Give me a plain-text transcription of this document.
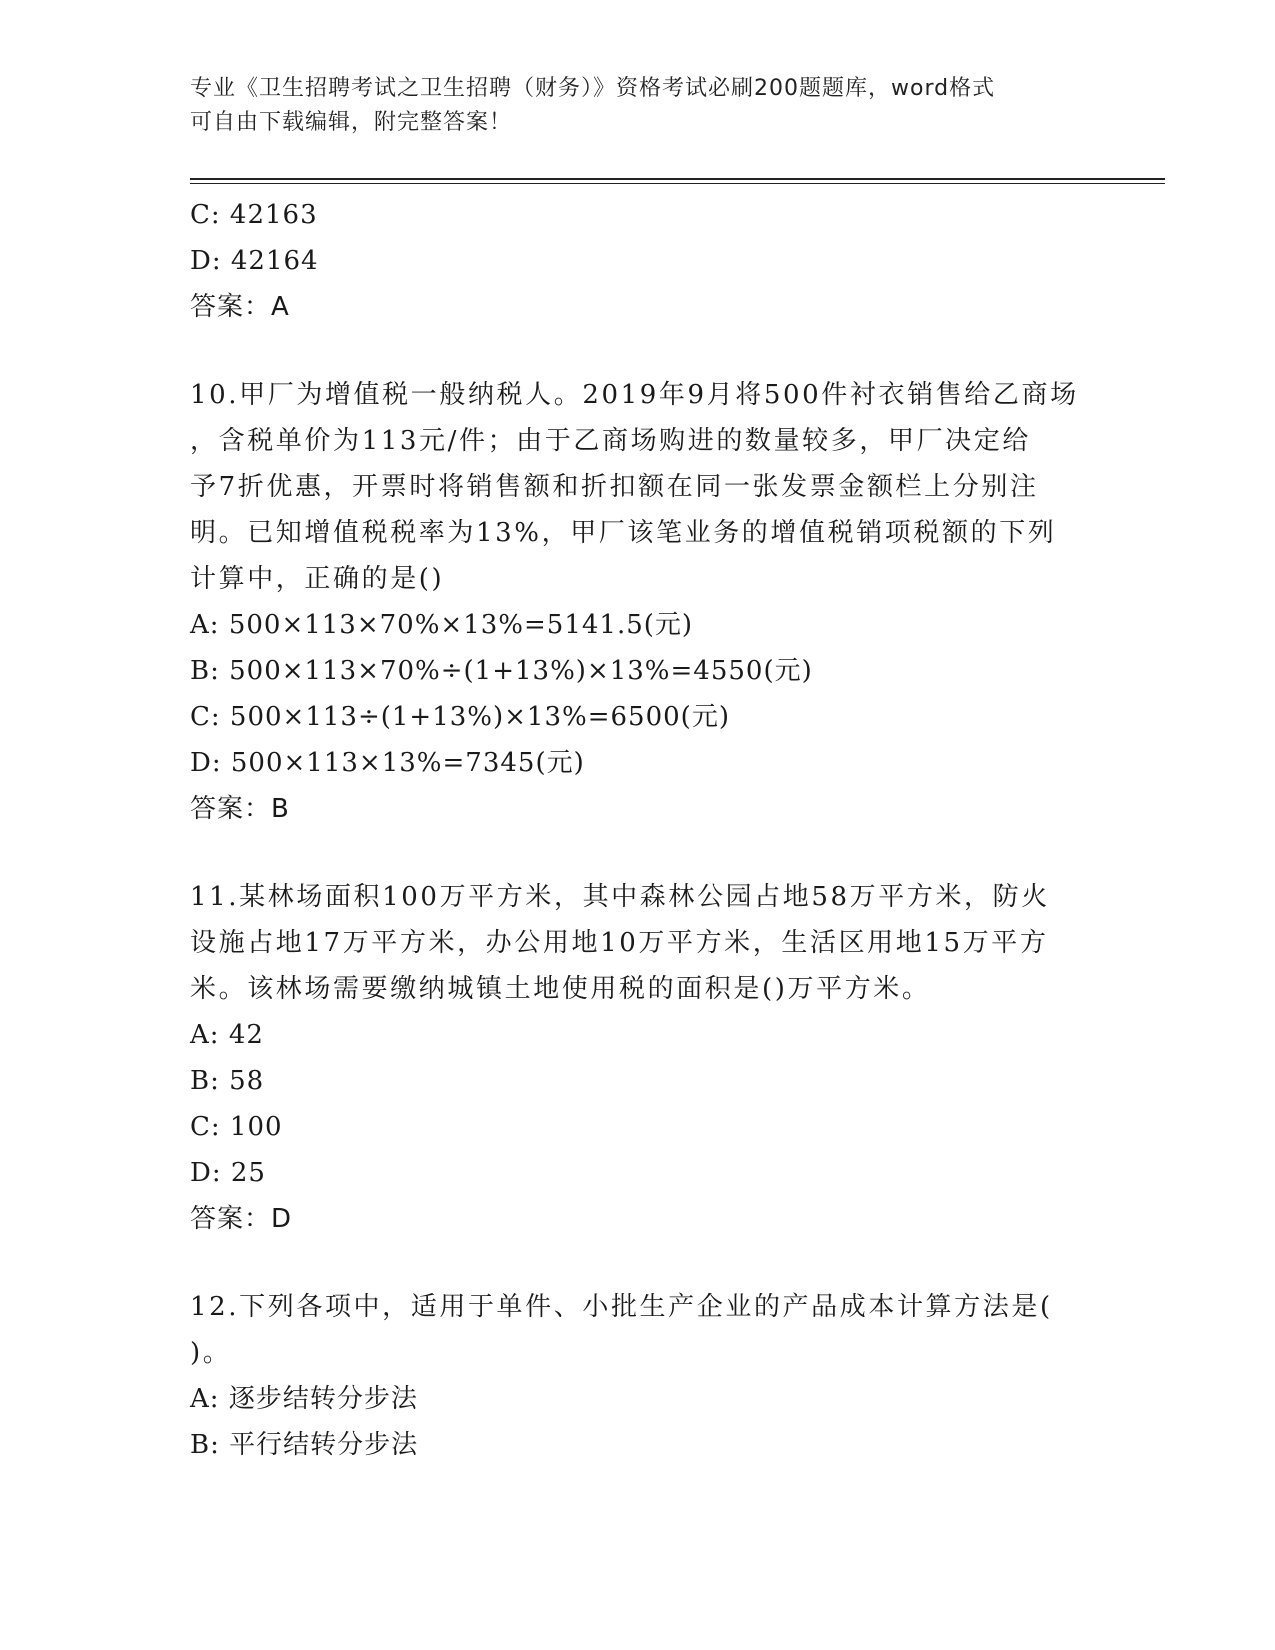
专业《卫生招聘考试之卫生招聘（财务）》资格考试必刷200题题库，word格式
可自由下载编辑，附完整答案！
C: 42163
D: 42164
答案：A
10.甲厂为增值税一般纳税人。2019年9月将500件衬衣销售给乙商场
，含税单价为113元/件；由于乙商场购进的数量较多，甲厂决定给
予7折优惠，开票时将销售额和折扣额在同一张发票金额栏上分别注
明。已知增值税税率为13%，甲厂该笔业务的增值税销项税额的下列
计算中，正确的是()
A: 500×113×70%×13%=5141.5(元)
B: 500×113×70%÷(1+13%)×13%=4550(元)
C: 500×113÷(1+13%)×13%=6500(元)
D: 500×113×13%=7345(元)
答案：B
11.某林场面积100万平方米，其中森林公园占地58万平方米，防火
设施占地17万平方米，办公用地10万平方米，生活区用地15万平方
米。该林场需要缴纳城镇土地使用税的面积是()万平方米。
A: 42
B: 58
C: 100
D: 25
答案：D
12.下列各项中，适用于单件、小批生产企业的产品成本计算方法是(
)。
A: 逐步结转分步法
B: 平行结转分步法
